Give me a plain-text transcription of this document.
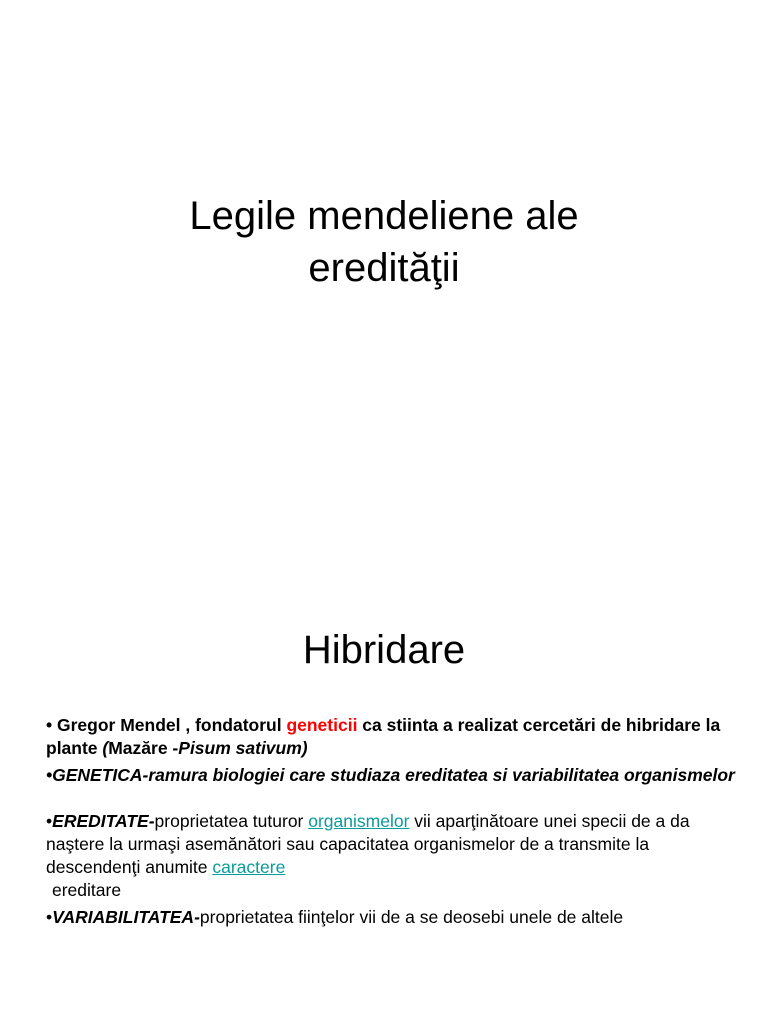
Legile mendeliene ale
eredităţii
Hibridare

• Gregor Mendel , fondatorul geneticii ca stiinta a realizat cercetări de hibridare la plante (Mazăre -Pisum sativum)

•GENETICA-ramura biologiei care studiaza ereditatea si variabilitatea organismelor

•EREDITATE-proprietatea tuturor organismelor vii aparţinătoare unei specii de a da naştere la urmaşi asemănători sau capacitatea organismelor de a transmite la descendenţi anumite caractere
ereditare

•VARIABILITATEA-proprietatea fiinţelor vii de a se deosebi unele de altele
